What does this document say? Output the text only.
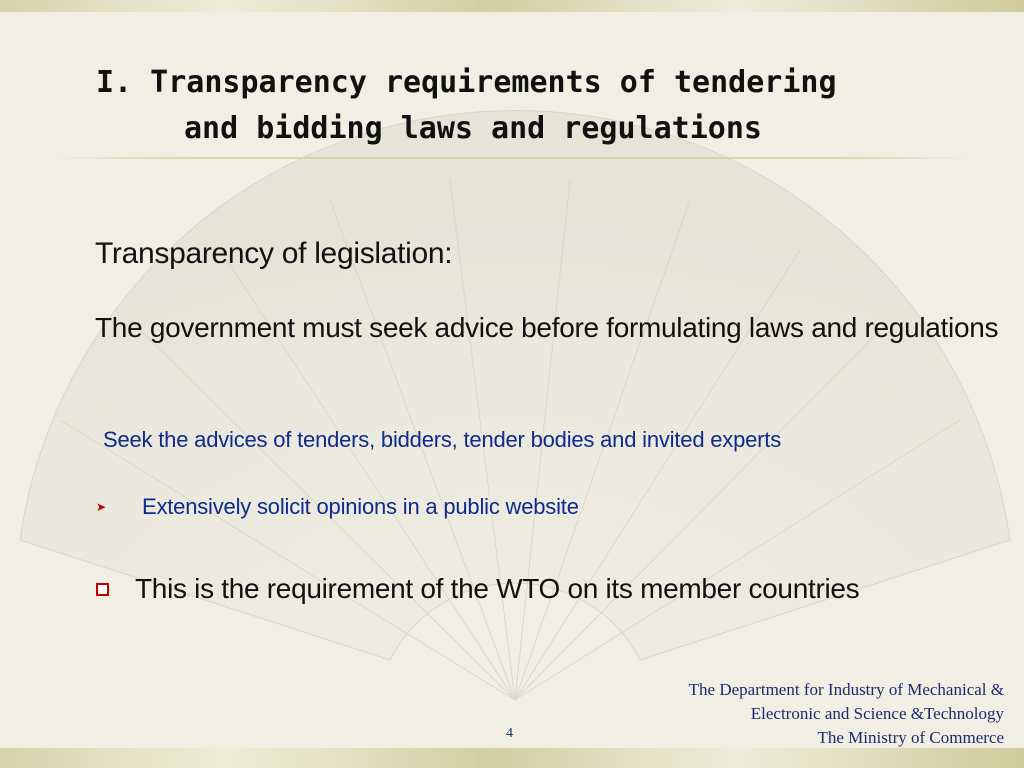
I. Transparency requirements of tendering
and bidding laws and regulations
Transparency of legislation:
The government must seek advice before formulating laws and regulations
Seek the advices of tenders, bidders, tender bodies and invited experts
➤	Extensively solicit opinions in a public website
This is the requirement of the WTO on its member countries
The Department for Industry of Mechanical &
Electronic and Science &Technology
The Ministry of Commerce
4
